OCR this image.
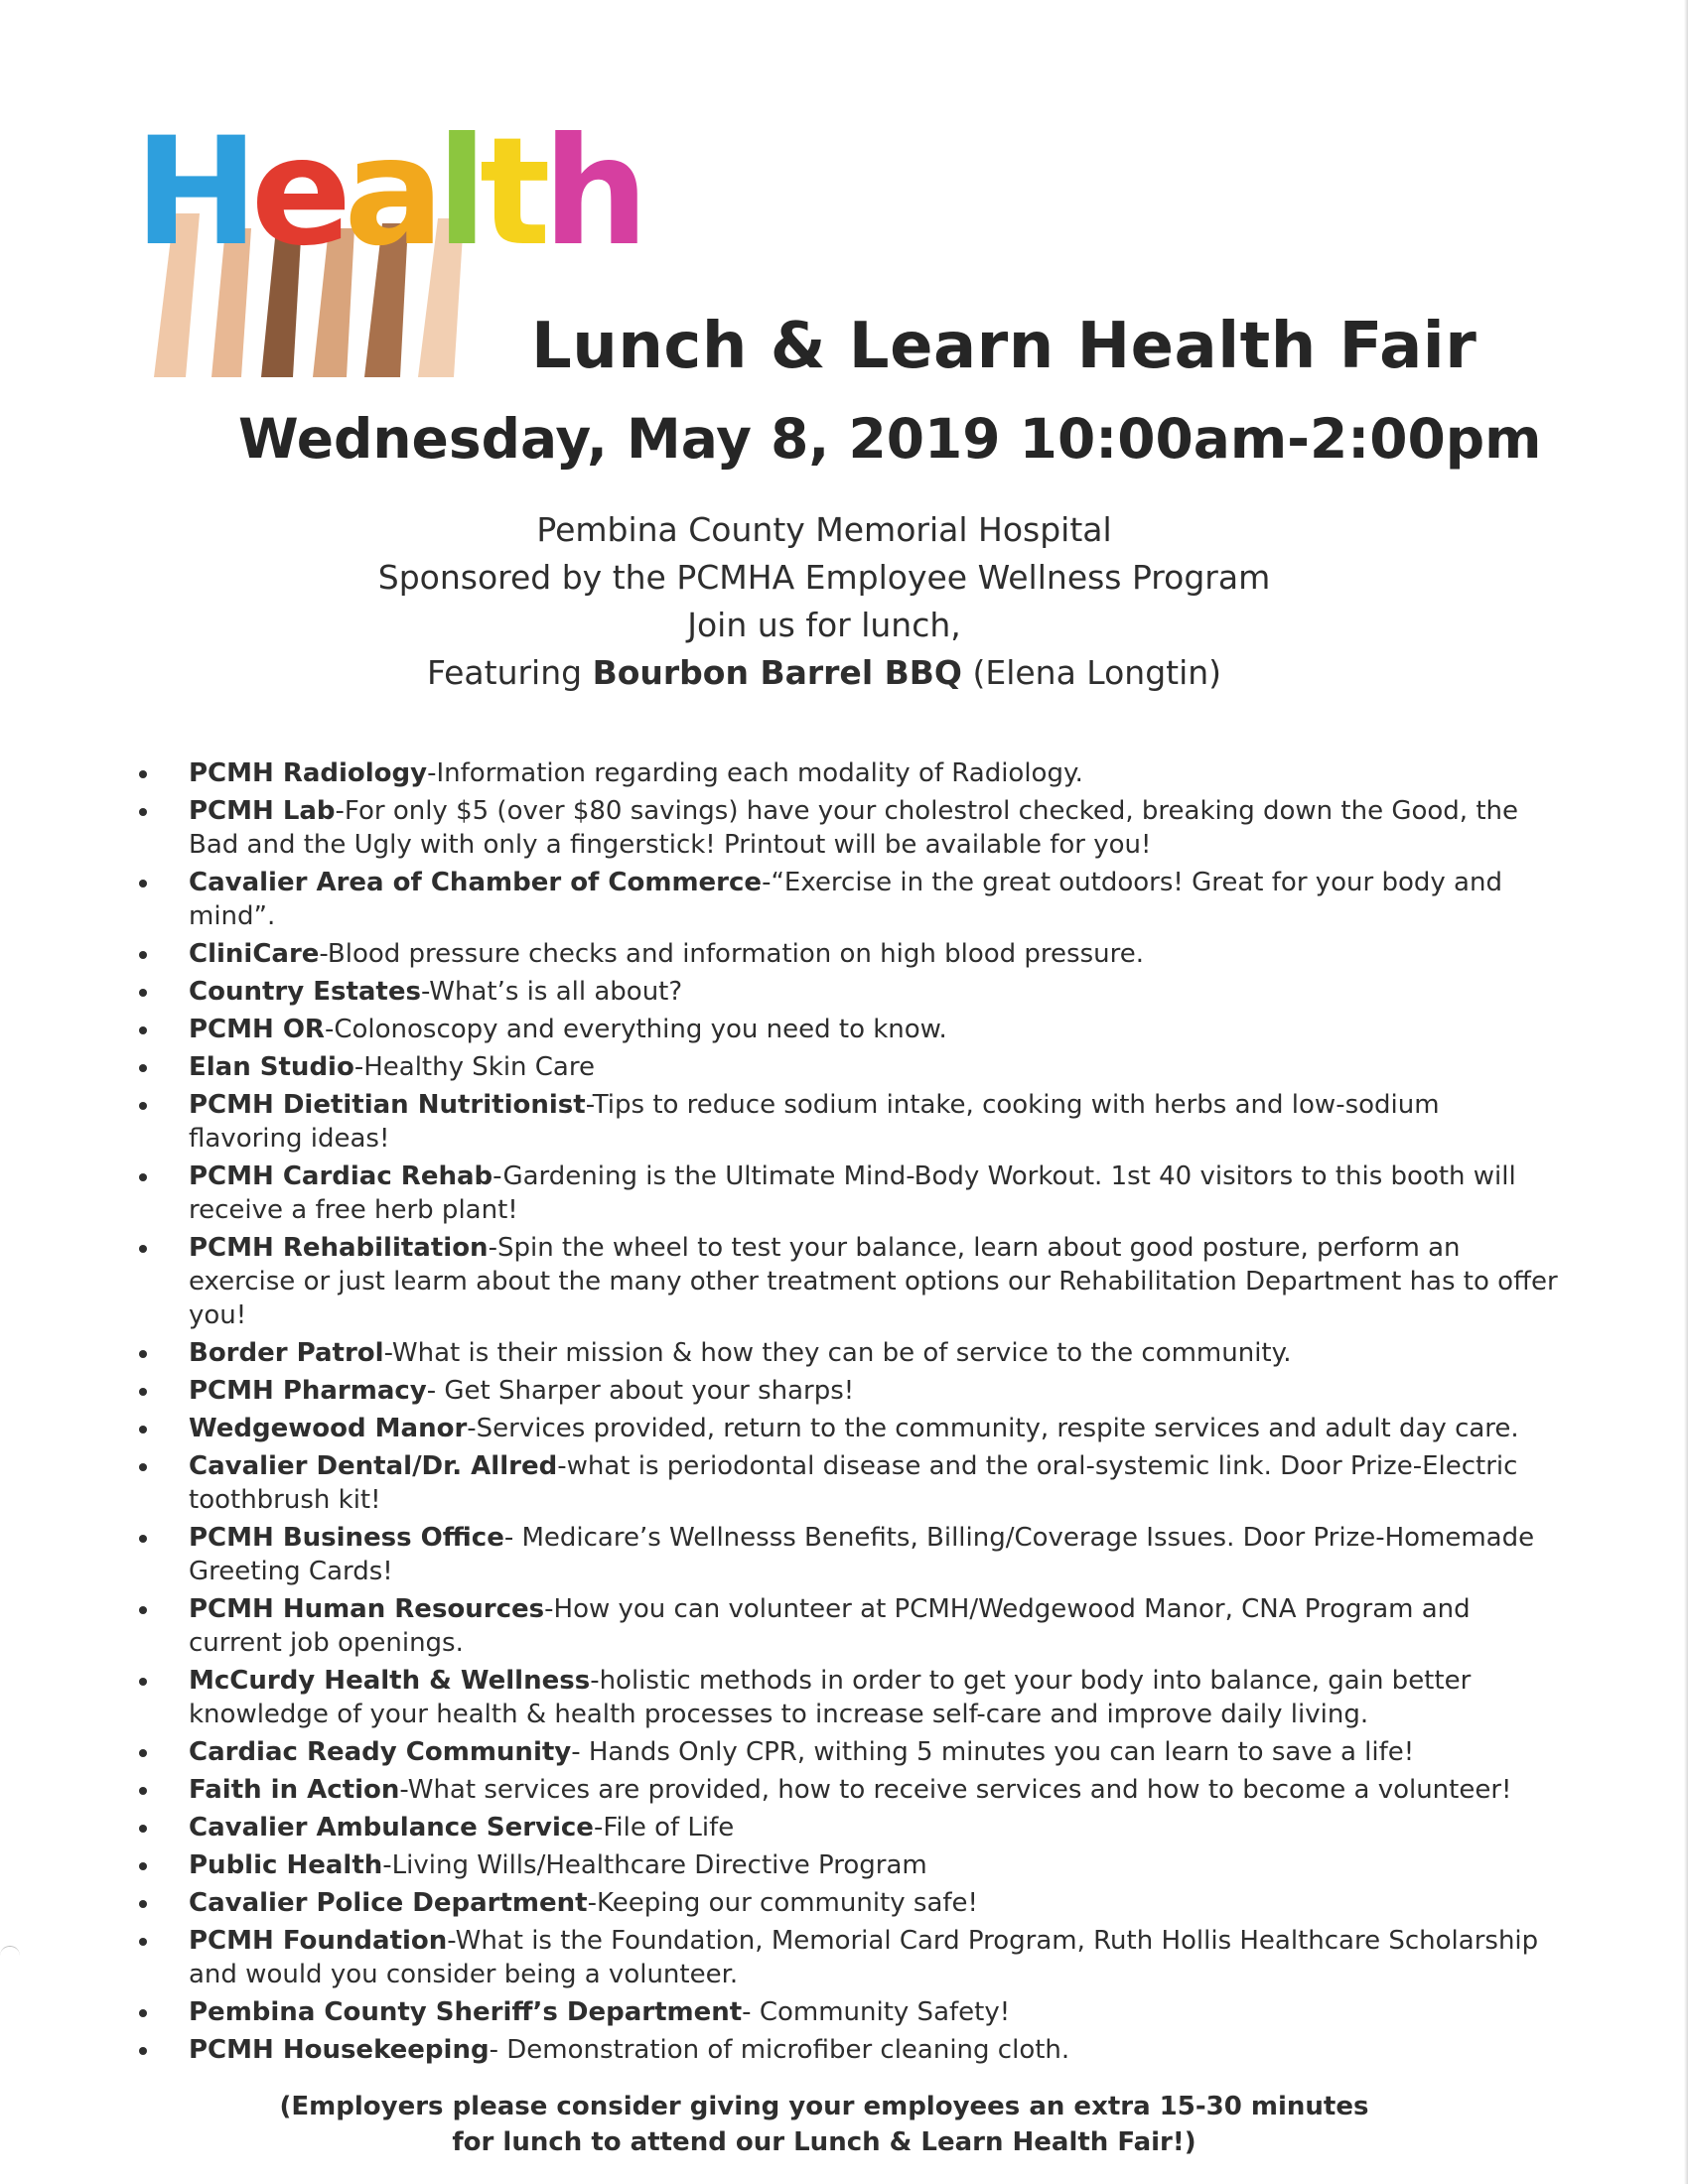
Health
Lunch & Learn Health Fair
Wednesday, May 8, 2019 10:00am-2:00pm
Pembina County Memorial Hospital
Sponsored by the PCMHA Employee Wellness Program
Join us for lunch,
Featuring Bourbon Barrel BBQ (Elena Longtin)
PCMH Radiology-Information regarding each modality of Radiology.
PCMH Lab-For only $5 (over $80 savings) have your cholestrol checked, breaking down the Good, the Bad and the Ugly with only a fingerstick! Printout will be available for you!
Cavalier Area of Chamber of Commerce-“Exercise in the great outdoors! Great for your body and mind”.
CliniCare-Blood pressure checks and information on high blood pressure.
Country Estates-What’s is all about?
PCMH OR-Colonoscopy and everything you need to know.
Elan Studio-Healthy Skin Care
PCMH Dietitian Nutritionist-Tips to reduce sodium intake, cooking with herbs and low-sodium flavoring ideas!
PCMH Cardiac Rehab-Gardening is the Ultimate Mind-Body Workout. 1st 40 visitors to this booth will receive a free herb plant!
PCMH Rehabilitation-Spin the wheel to test your balance, learn about good posture, perform an exercise or just learm about the many other treatment options our Rehabilitation Department has to offer you!
Border Patrol-What is their mission & how they can be of service to the community.
PCMH Pharmacy- Get Sharper about your sharps!
Wedgewood Manor-Services provided, return to the community, respite services and adult day care.
Cavalier Dental/Dr. Allred-what is periodontal disease and the oral-systemic link. Door Prize-Electric toothbrush kit!
PCMH Business Office- Medicare’s Wellnesss Benefits, Billing/Coverage Issues. Door Prize-Homemade Greeting Cards!
PCMH Human Resources-How you can volunteer at PCMH/Wedgewood Manor, CNA Program and current job openings.
McCurdy Health & Wellness-holistic methods in order to get your body into balance, gain better knowledge of your health & health processes to increase self-care and improve daily living.
Cardiac Ready Community- Hands Only CPR, withing 5 minutes you can learn to save a life!
Faith in Action-What services are provided, how to receive services and how to become a volunteer!
Cavalier Ambulance Service-File of Life
Public Health-Living Wills/Healthcare Directive Program
Cavalier Police Department-Keeping our community safe!
PCMH Foundation-What is the Foundation, Memorial Card Program, Ruth Hollis Healthcare Scholarship and would you consider being a volunteer.
Pembina County Sheriff’s Department- Community Safety!
PCMH Housekeeping- Demonstration of microfiber cleaning cloth.
(Employers please consider giving your employees an extra 15-30 minutes
for lunch to attend our Lunch & Learn Health Fair!)
